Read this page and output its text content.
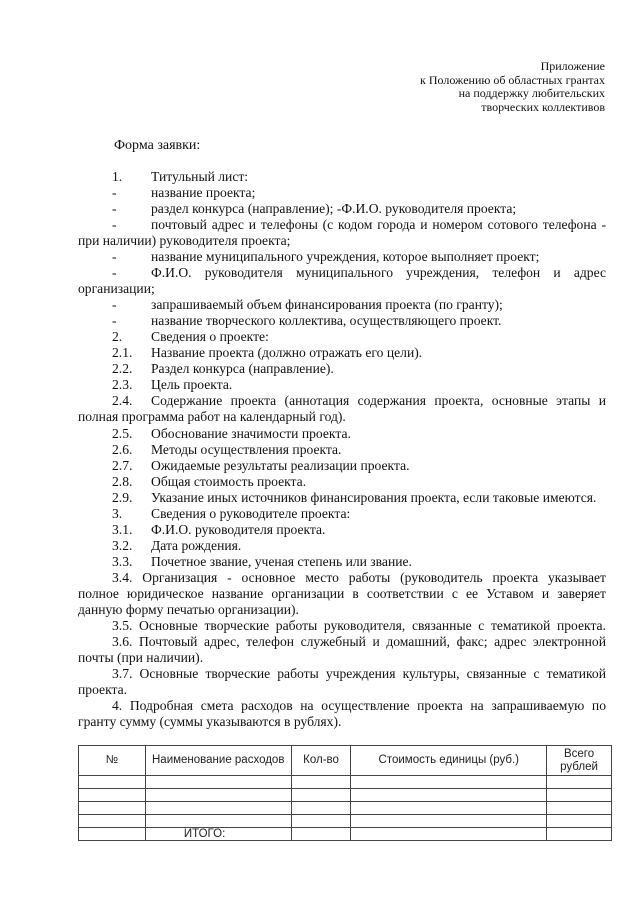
Приложение
к Положению об областных грантах
на поддержку любительских
творческих коллективов
Форма заявки:
1. Титульный лист:
-	название проекта;
-	раздел конкурса (направление); -Ф.И.О. руководителя проекта;
-	почтовый адрес и телефоны (с кодом города и номером сотового телефона -
при наличии) руководителя проекта;
-	название муниципального учреждения, которое выполняет проект;
-	Ф.И.О. руководителя муниципального учреждения, телефон и адрес
организации;
-	запрашиваемый объем финансирования проекта (по гранту);
-	название творческого коллектива, осуществляющего проект.
2. Сведения о проекте:
2.1. Название проекта (должно отражать его цели).
2.2. Раздел конкурса (направление).
2.3. Цель проекта.
2.4. Содержание проекта (аннотация содержания проекта, основные этапы и
полная программа работ на календарный год).
2.5. Обоснование значимости проекта.
2.6. Методы осуществления проекта.
2.7. Ожидаемые результаты реализации проекта.
2.8. Общая стоимость проекта.
2.9. Указание иных источников финансирования проекта, если таковые имеются.
3. Сведения о руководителе проекта:
3.1. Ф.И.О. руководителя проекта.
3.2. Дата рождения.
3.3. Почетное звание, ученая степень или звание.
3.4. Организация - основное место работы (руководитель проекта указывает
полное юридическое название организации в соответствии с ее Уставом и заверяет
данную форму печатью организации).
3.5. Основные творческие работы руководителя, связанные с тематикой проекта.
3.6. Почтовый адрес, телефон служебный и домашний, факс; адрес электронной
почты (при наличии).
3.7. Основные творческие работы учреждения культуры, связанные с тематикой
проекта.
4. Подробная смета расходов на осуществление проекта на запрашиваемую по
гранту сумму (суммы указываются в рублях).
№	Наименование расходов	Кол-во	Стоимость единицы (руб.)	Всего рублей

	ИТОГО:			
